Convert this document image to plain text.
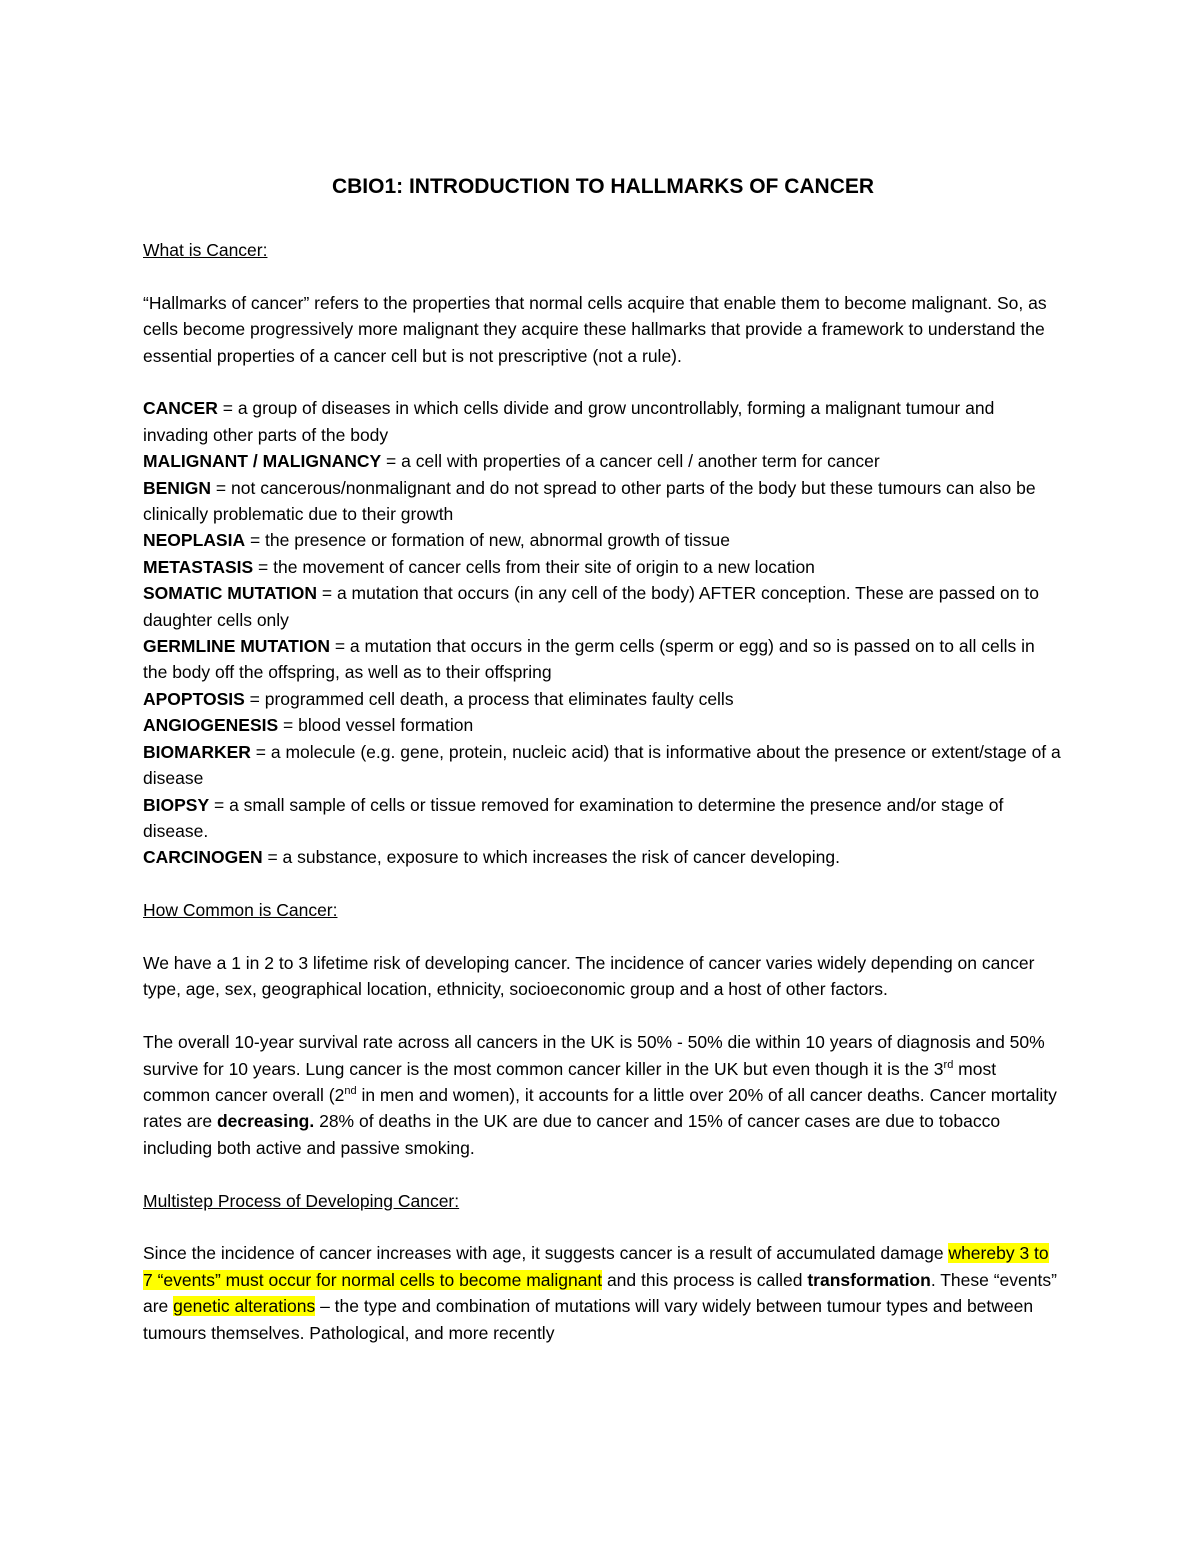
CBIO1: INTRODUCTION TO HALLMARKS OF CANCER
What is Cancer:

“Hallmarks of cancer” refers to the properties that normal cells acquire that enable them to become malignant. So, as cells become progressively more malignant they acquire these hallmarks that provide a framework to understand the essential properties of a cancer cell but is not prescriptive (not a rule).

CANCER = a group of diseases in which cells divide and grow uncontrollably, forming a malignant tumour and invading other parts of the body
MALIGNANT / MALIGNANCY = a cell with properties of a cancer cell / another term for cancer
BENIGN = not cancerous/nonmalignant and do not spread to other parts of the body but these tumours can also be clinically problematic due to their growth
NEOPLASIA = the presence or formation of new, abnormal growth of tissue
METASTASIS = the movement of cancer cells from their site of origin to a new location
SOMATIC MUTATION = a mutation that occurs (in any cell of the body) AFTER conception. These are passed on to daughter cells only
GERMLINE MUTATION = a mutation that occurs in the germ cells (sperm or egg) and so is passed on to all cells in the body off the offspring, as well as to their offspring
APOPTOSIS = programmed cell death, a process that eliminates faulty cells
ANGIOGENESIS = blood vessel formation
BIOMARKER = a molecule (e.g. gene, protein, nucleic acid) that is informative about the presence or extent/stage of a disease
BIOPSY = a small sample of cells or tissue removed for examination to determine the presence and/or stage of disease.
CARCINOGEN = a substance, exposure to which increases the risk of cancer developing.
How Common is Cancer:

We have a 1 in 2 to 3 lifetime risk of developing cancer. The incidence of cancer varies widely depending on cancer type, age, sex, geographical location, ethnicity, socioeconomic group and a host of other factors.

The overall 10-year survival rate across all cancers in the UK is 50% - 50% die within 10 years of diagnosis and 50% survive for 10 years. Lung cancer is the most common cancer killer in the UK but even though it is the 3rd most common cancer overall (2nd in men and women), it accounts for a little over 20% of all cancer deaths. Cancer mortality rates are decreasing. 28% of deaths in the UK are due to cancer and 15% of cancer cases are due to tobacco including both active and passive smoking.

Multistep Process of Developing Cancer:

Since the incidence of cancer increases with age, it suggests cancer is a result of accumulated damage whereby 3 to 7 “events” must occur for normal cells to become malignant and this process is called transformation. These “events” are genetic alterations – the type and combination of mutations will vary widely between tumour types and between tumours themselves. Pathological, and more recently
